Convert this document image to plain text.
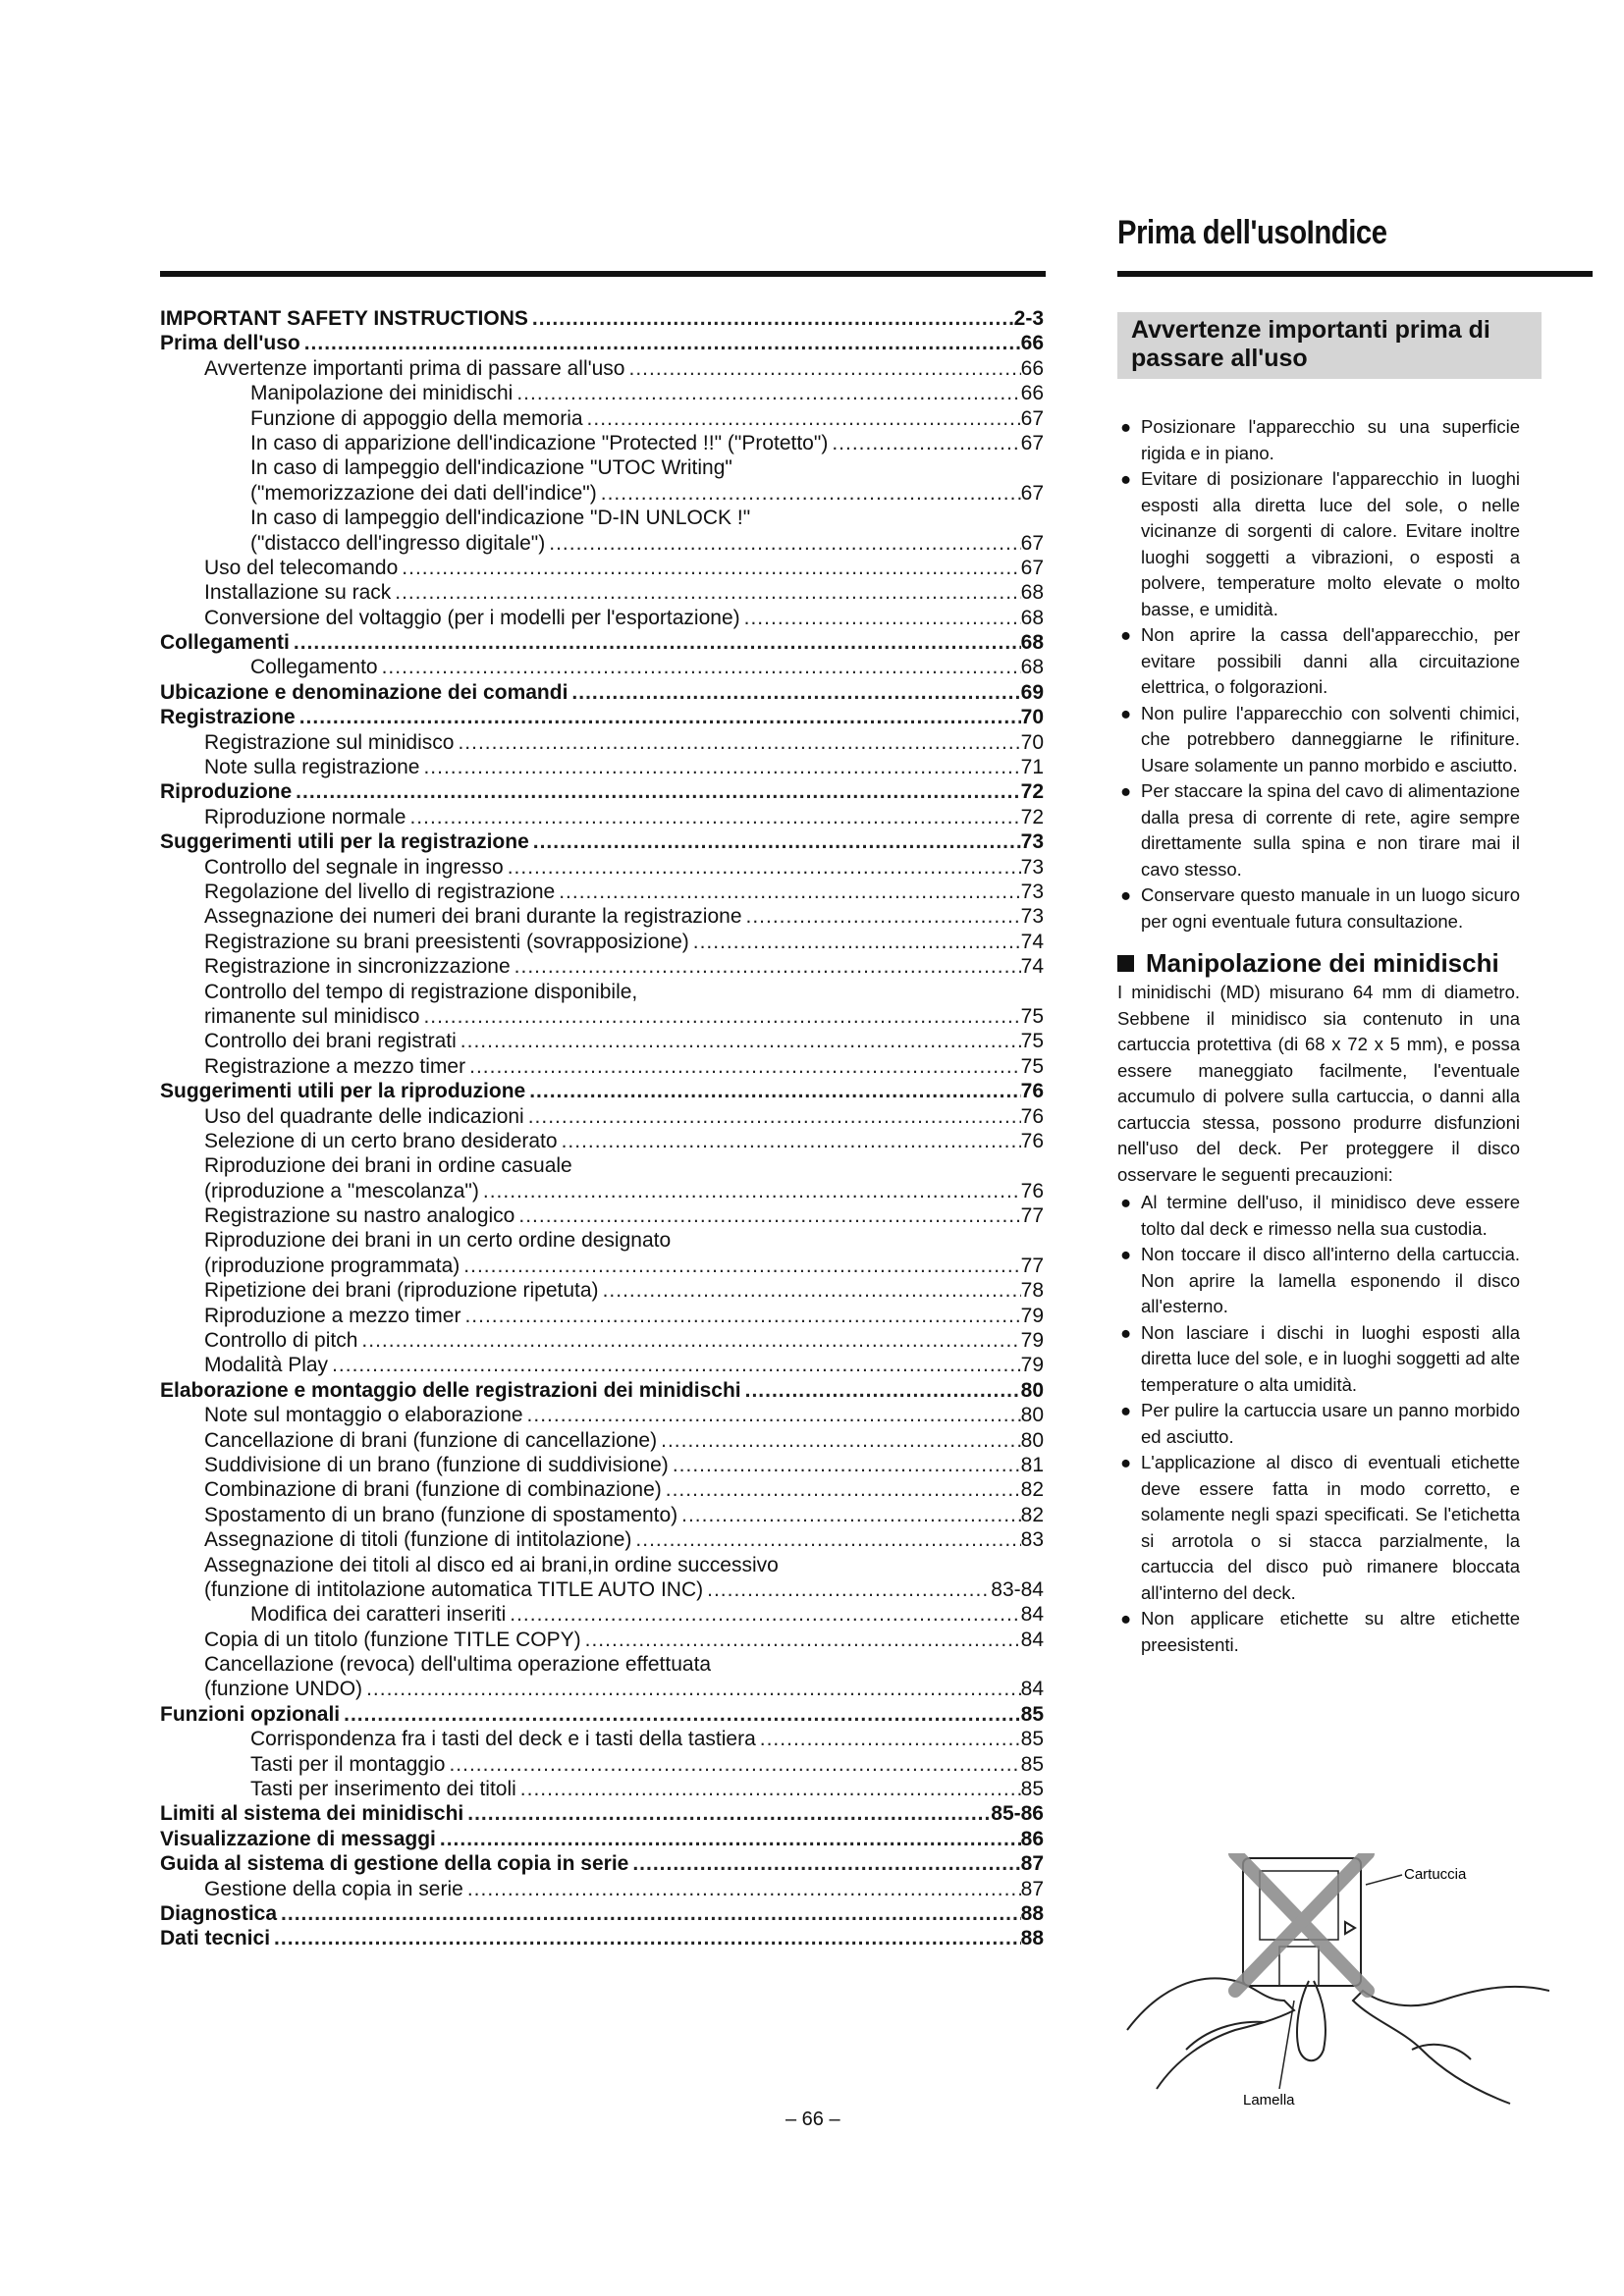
Prima dell'usoIndice
IMPORTANT SAFETY INSTRUCTIONS .....	2-3
Prima dell'uso .....	66
Avvertenze importanti prima di passare all'uso .....	66
Manipolazione dei minidischi .....	66
Funzione di appoggio della memoria .....	67
In caso di apparizione dell'indicazione "Protected !!" ("Protetto") .....	67
In caso di lampeggio dell'indicazione "UTOC Writing"
("memorizzazione dei dati dell'indice") .....	67
In caso di lampeggio dell'indicazione "D-IN UNLOCK !"
("distacco dell'ingresso digitale") .....	67
Uso del telecomando .....	67
Installazione su rack .....	68
Conversione del voltaggio (per i modelli per l'esportazione) .....	68
Collegamenti .....	68
Collegamento .....	68
Ubicazione e denominazione dei comandi .....	69
Registrazione .....	70
Registrazione sul minidisco .....	70
Note sulla registrazione .....	71
Riproduzione .....	72
Riproduzione normale .....	72
Suggerimenti utili per la registrazione .....	73
Controllo del segnale in ingresso .....	73
Regolazione del livello di registrazione .....	73
Assegnazione dei numeri dei brani durante la registrazione .....	73
Registrazione su brani preesistenti (sovrapposizione) .....	74
Registrazione in sincronizzazione .....	74
Controllo del tempo di registrazione disponibile,
rimanente sul minidisco .....	75
Controllo dei brani registrati .....	75
Registrazione a mezzo timer .....	75
Suggerimenti utili per la riproduzione .....	76
Uso del quadrante delle indicazioni .....	76
Selezione di un certo brano desiderato .....	76
Riproduzione dei brani in ordine casuale
(riproduzione a "mescolanza") .....	76
Registrazione su nastro analogico .....	77
Riproduzione dei brani in un certo ordine designato
(riproduzione programmata) .....	77
Ripetizione dei brani (riproduzione ripetuta) .....	78
Riproduzione a mezzo timer .....	79
Controllo di pitch .....	79
Modalità Play .....	79
Elaborazione e montaggio delle registrazioni dei minidischi .....	80
Note sul montaggio o elaborazione .....	80
Cancellazione di brani (funzione di cancellazione) .....	80
Suddivisione di un brano (funzione di suddivisione) .....	81
Combinazione di brani (funzione di combinazione) .....	82
Spostamento di un brano (funzione di spostamento) .....	82
Assegnazione di titoli (funzione di intitolazione) .....	83
Assegnazione dei titoli al disco ed ai brani,in ordine successivo
(funzione di intitolazione automatica TITLE AUTO INC) .....	83-84
Modifica dei caratteri inseriti .....	84
Copia di un titolo (funzione TITLE COPY) .....	84
Cancellazione (revoca) dell'ultima operazione effettuata
(funzione UNDO) .....	84
Funzioni opzionali .....	85
Corrispondenza fra i tasti del deck e i tasti della tastiera .....	85
Tasti per il montaggio .....	85
Tasti per inserimento dei titoli .....	85
Limiti al sistema dei minidischi .....	85-86
Visualizzazione di messaggi .....	86
Guida al sistema di gestione della copia in serie .....	87
Gestione della copia in serie .....	87
Diagnostica .....	88
Dati tecnici .....	88
Avvertenze importanti prima di passare all'uso
● Posizionare l'apparecchio su una superficie rigida e in piano.
● Evitare di posizionare l'apparecchio in luoghi esposti alla diretta luce del sole, o nelle vicinanze di sorgenti di calore. Evitare inoltre luoghi soggetti a vibrazioni, o esposti a polvere, temperature molto elevate o molto basse, e umidità.
● Non aprire la cassa dell'apparecchio, per evitare possibili danni alla circuitazione elettrica, o folgorazioni.
● Non pulire l'apparecchio con solventi chimici, che potrebbero danneggiarne le rifiniture. Usare solamente un panno morbido e asciutto.
● Per staccare la spina del cavo di alimentazione dalla presa di corrente di rete, agire sempre direttamente sulla spina e non tirare mai il cavo stesso.
● Conservare questo manuale in un luogo sicuro per ogni eventuale futura consultazione.
Manipolazione dei minidischi

I minidischi (MD) misurano 64 mm di diametro. Sebbene il minidisco sia contenuto in una cartuccia protettiva (di 68 x 72 x 5 mm), e possa essere maneggiato facilmente, l'eventuale accumulo di polvere sulla cartuccia, o danni alla cartuccia stessa, possono produrre disfunzioni nell'uso del deck. Per proteggere il disco osservare le seguenti precauzioni:

● Al termine dell'uso, il minidisco deve essere tolto dal deck e rimesso nella sua custodia.
● Non toccare il disco all'interno della cartuccia. Non aprire la lamella esponendo il disco all'esterno.
● Non lasciare i dischi in luoghi esposti alla diretta luce del sole, e in luoghi soggetti ad alte temperature o alta umidità.
● Per pulire la cartuccia usare un panno morbido ed asciutto.
● L'applicazione al disco di eventuali etichette deve essere fatta in modo corretto, e solamente negli spazi specificati. Se l'etichetta si arrotola o si stacca parzialmente, la cartuccia del disco può rimanere bloccata all'interno del deck.
● Non applicare etichette su altre etichette preesistenti.
Cartuccia
Lamella
– 66 –
